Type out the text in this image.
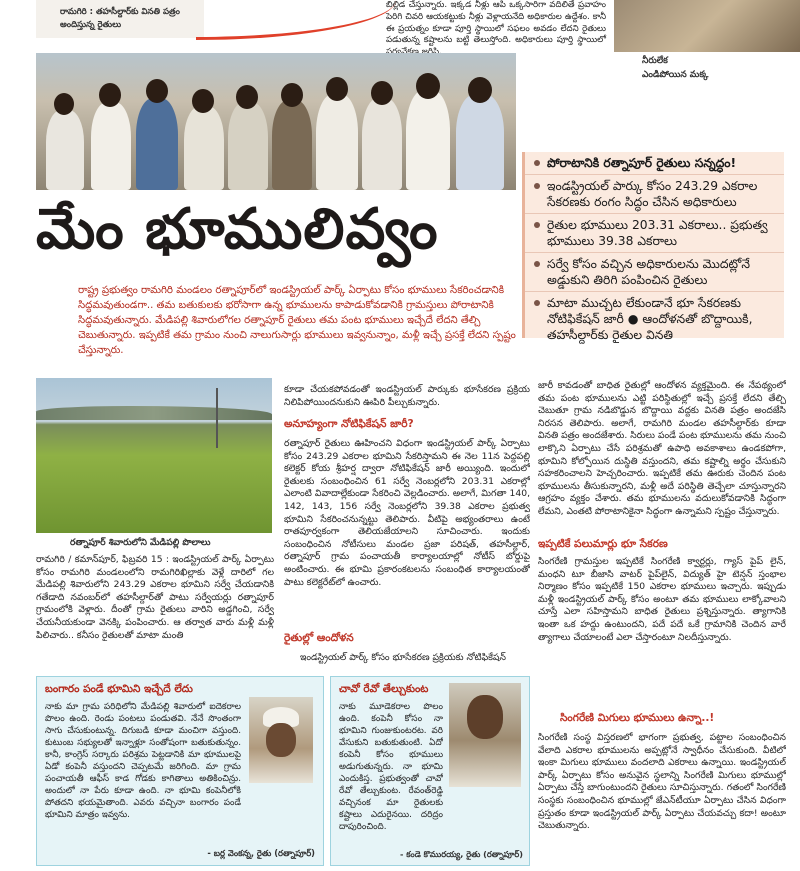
రామగిరి : తహసీల్దార్‌కు వినతి పత్రం అందిస్తున్న రైతులు
బిల్లిడ చేస్తున్నారు. ఇక్కడ నీళ్లు ఆపి ఒక్కసారిగా వదిలితే ప్రవాహం పెరిగి చివరి ఆయకట్టుకు నీళ్లు వెళ్లాయనేది అధికారుల ఉద్దేశం. కానీ ఈ ప్రయత్నం కూడా పూర్తి స్థాయిలో సఫలం అవడం లేదని రైతులు పడుతున్న కష్టాలను బట్టి తెలుస్తోంది. అధికారులు పూర్తి స్థాయిలో
నీరులేక
ఎండిపోయిన మక్క
మేం భూములివ్వం
పోరాటానికి రత్నాపూర్ రైతులు సన్నద్ధం!
ఇండస్ట్రియల్ పార్కు కోసం 243.29 ఎకరాల సేకరణకు రంగం సిద్ధం చేసిన అధికారులు
రైతుల భూములు 203.31 ఎకరాలు.. ప్రభుత్వ భూములు 39.38 ఎకరాలు
సర్వే కోసం వచ్చిన అధికారులను మొదట్లోనే అడ్డుకుని తిరిగి పంపించిన రైతులు
మాటా ముచ్చట లేకుండానే భూ సేకరణకు నోటిఫికేషన్ జారీ ● ఆందోళనతో బొద్దాయికి, తహసీల్దార్‌కు రైతుల వినతి
రాష్ట్ర ప్రభుత్వం రామగిరి మండలం రత్నాపూర్‌లో ఇండస్ట్రియల్ పార్క్ ఏర్పాటు కోసం భూములు సేకరించడానికి సిద్ధమవుతుండగా.. తమ బతుకులకు భరోసాగా ఉన్న భూములను కాపాడుకోవడానికి గ్రామస్తులు పోరాటానికి సిద్ధమవుతున్నారు. మేడిపల్లి శివారులోగల రత్నాపూర్ రైతులు తమ పంట భూములు ఇచ్చేదే లేదని తేల్చి చెబుతున్నారు. ఇప్పటికే తమ గ్రామం నుంచి నాలుగుసార్లు భూములు ఇవ్వనున్నాం, మళ్లీ ఇచ్చే ప్రసక్తే లేదని స్పష్టం చేస్తున్నారు.
రత్నాపూర్ శివారులోని మేడిపల్లి పొలాలు
రామగిరి / కమాన్‌పూర్, ఫిబ్రవరి 15 : ఇండస్ట్రియల్ పార్క్ ఏర్పాటు కోసం రామగిరి మండలంలోని రామగిరిఖిల్లాకు వెళ్లే దారిలో గల మేడిపల్లి శివారులోని 243.29 ఎకరాల భూమిని సర్వే చేయడానికి గతేడాది నవంబర్‌లో తహసీల్దార్‌తో పాటు సర్వేయర్లు రత్నాపూర్ గ్రామంలోకి వెళ్లారు. దీంతో గ్రామ రైతులు వారిని అడ్డగించి, సర్వే చేయనీయకుండా వెనక్కి పంపించారు. ఆ తర్వాత వారు మళ్లీ మళ్లీ పిలిచారు.. కనీసం రైతులతో మాటా మంతి
కూడా చేయకపోవడంతో ఇండస్ట్రియల్ పార్కుకు భూసేకరణ ప్రక్రియ నిలిపిపోయిందనుకుని ఊపిరి పీల్చుకున్నారు.
అనూహ్యంగా నోటిఫికేషన్ జారీ?
రత్నాపూర్ రైతులు ఊహించని విధంగా ఇండస్ట్రియల్ పార్క్ ఏర్పాటు కోసం 243.29 ఎకరాల భూమిని సేకరిస్తామని ఈ నెల 11న పెద్దపల్లి కలెక్టర్ కోయ శ్రీహర్ష ద్వారా నోటిఫికేషన్ జారీ అయ్యింది. ఇందులో రైతులకు సంబంధించిన 61 సర్వే నెంబర్లలోని 203.31 ఎకరాల్లో ఎలాంటి వివాదాల్లేకుండా సేకరించి వెల్లడించారు. అలాగే, మిగతా 140, 142, 143, 156 సర్వే నెంబర్లలోని 39.38 ఎకరాల ప్రభుత్వ భూమిని సేకరించనున్నట్టు తెలిపారు. వీటిపై అభ్యంతరాలు ఉంటే రాతపూర్వకంగా తెలియజేయాలని సూచించారు. ఇందుకు సంబంధించిన నోటీసులు మండల ప్రజా పరిషత్, తహసీల్దార్, రత్నాపూర్ గ్రామ పంచాయతీ కార్యాలయాల్లో నోటీస్ బోర్డుపై అంటించారు. ఈ భూమి ప్రకారంకటలను సంబంధిత కార్యాలయంతో పాటు కలెక్టరేట్‌లో ఉంచారు.
రైతుల్లో ఆందోళన
ఇండస్ట్రియల్ పార్క్ కోసం భూసేకరణ ప్రక్రియకు నోటిఫికేషన్
జారీ కావడంతో బాధిత రైతుల్లో ఆందోళన వ్యక్తమైంది. ఈ నేపథ్యంలో తమ పంట భూములను ఎట్టి పరిస్థితుల్లో ఇచ్చే ప్రసక్తే లేదని తేల్చి చెబుతూ గ్రామ నడిబొడ్డున బొద్దాయి వద్దకు వినతి పత్రం అందజేసి నిరసన తెలిపారు. అలాగే, రామగిరి మండల తహసీల్దార్‌కు కూడా వినతి పత్రం అందజేశారు. సిరులు పండే పంట భూములను తమ నుంచి లాక్కొని ఏర్పాటు చేసే పరిశ్రమతో ఉపాధి అవకాశాలు ఉండకపోగా, భూమిని కోల్పోయిన దుస్థితి వస్తుందని, తమ కష్టాల్ని అర్థం చేసుకుని సహకరించాలని హెచ్చరించారు. ఇప్పటికే తమ ఊరుకు చెందిన పంట భూములను తీసుకున్నారని, మళ్లీ అదే పరిస్థితి తెచ్చేలా చూస్తున్నారని ఆగ్రహం వ్యక్తం చేశారు. తమ భూములను వదులుకోవడానికి సిద్ధంగా లేమని, ఎంతటి పోరాటానికైనా సిద్ధంగా ఉన్నామని స్పష్టం చేస్తున్నారు.
ఇప్పటికే పలుమార్లు భూ సేకరణ
సింగరేణి గ్రామస్తుల ఇప్పటికే సింగరేణి క్వార్టర్లు, గ్యాస్ పైప్ లైన్, మంధని టూ బీజాసి వాటర్ పైప్‌లైన్, విద్యుత్ హై టెన్షన్ స్తంభాల నిర్మాణం కోసం ఇప్పటికే 150 ఎకరాల భూములు ఇచ్చారు. ఇప్పుడు మళ్లీ ఇండస్ట్రియల్ పార్క్ కోసం అంటూ తమ భూములు లాక్కోవాలని చూస్తే ఎలా సహిస్తామని బాధిత రైతులు ప్రశ్నిస్తున్నారు. త్యాగానికి ఇంతా ఒక హద్దు ఉంటుందని, పదే పదే ఒకే గ్రామానికి చెందిన వారే త్యాగాలు చేయాలంటే ఎలా చేస్తారంటూ నిలదీస్తున్నారు.
సింగరేణి మిగులు భూములు ఉన్నా..!
సింగరేణి సంస్థ విస్తరణలో భాగంగా ప్రభుత్వ, పట్టాల సంబంధించిన వేలాది ఎకరాల భూములను అప్పట్లోనే స్వాధీనం చేసుకుంది. వీటిలో ఇంకా మిగులు భూములు వందలాది ఎకరాలు ఉన్నాయి. ఇండస్ట్రియల్ పార్క్ ఏర్పాటు కోసం అనువైన స్థలాన్ని సింగరేణి మిగులు భూముల్లో ఏర్పాటు చేస్తే బాగుంటుందని రైతులు సూచిస్తున్నారు. గతంలో సింగరేణి సంస్థకు సంబంధించిన భూముల్లో జేఎన్‌టీయూ ఏర్పాటు చేసిన విధంగా ప్రస్తుతం కూడా ఇండస్ట్రియల్ పార్క్ ఏర్పాటు చేయవచ్చు కదా! అంటూ చెబుతున్నారు.
బంగారం పండే భూమిని ఇచ్చేదే లేదు
నాకు మా గ్రామ పరిధిలోని మేడిపల్లి శివారులో ఐదెకరాల పొలం ఉంది. రెండు పంటలు పండుతవి. నేనే సొంతంగా సాగు చేసుకుంటున్న. దిగుబడి కూడా మంచిగా వస్తుంది. కుటుంబ సభ్యులతో ఇన్నాళ్లూ సంతోషంగా బతుకుతున్నం. కానీ, కాంగ్రెస్ సర్కారు పరిశ్రమ పెట్టడానికి మా భూములపై ఏడో కంపెనీ వస్తుందని చెప్పటమే జరిగింది. మా గ్రామ పంచాయతీ ఆఫీస్ కాడ గోడకు కాగితాలు అతికించిన్రు. అందులో నా పేరు కూడా ఉంది. నా భూమి కంపెనీలోకి పోతదని భయమైతాంది. ఎవరు వచ్చినా బంగారం పండే భూమిని మాత్రం ఇవ్వను.
- బర్ల వెంకన్న, రైతు (రత్నాపూర్)
చావో రేవో తేల్చుకుంట
నాకు మూడెకరాల పొలం ఉంది. కంపెనీ కోసం నా భూమిని గుంజుకుంటరట. వరి వేసుకుని బతుకుతుంటి. ఏదో కంపెనీ కోసం భూములు అడుగుతున్నరు. నా భూమి ఎందుకిస్త. ప్రభుత్వంతో చావో రేవో తేల్చుకుంట. రేవంత్‌రెడ్డి వచ్చినంక మా రైతులకు కష్టాలు ఎదురైనయి. దరిద్రం దాపురించింది.
- కండె కొమురయ్య, రైతు (రత్నాపూర్)
